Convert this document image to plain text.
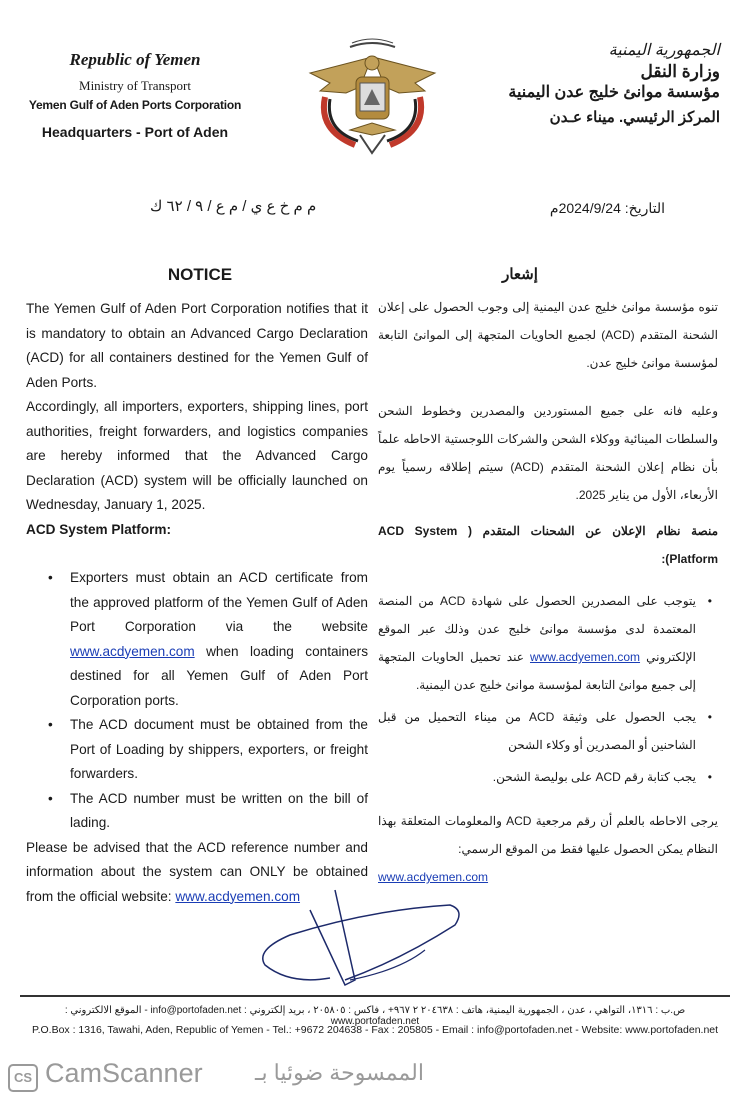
Republic of Yemen
Ministry of Transport
Yemen Gulf of Aden Ports Corporation
Headquarters - Port of Aden
الجمهورية اليمنية
وزارة النقل
مؤسسة موانئ خليج عدن اليمنية
المركز الرئيسي. ميناء عـدن
م م خ ع ي / م ع / ٩ / ٦٢ ك	التاريخ: 2024/9/24م
NOTICE	إشعار

The Yemen Gulf of Aden Port Corporation notifies that it is mandatory to obtain an Advanced Cargo Declaration (ACD) for all containers destined for the Yemen Gulf of Aden Ports.

Accordingly, all importers, exporters, shipping lines, port authorities, freight forwarders, and logistics companies are hereby informed that the Advanced Cargo Declaration (ACD) system will be officially launched on Wednesday, January 1, 2025.

ACD System Platform:

• Exporters must obtain an ACD certificate from the approved platform of the Yemen Gulf of Aden Port Corporation via the website www.acdyemen.com when loading containers destined for all Yemen Gulf of Aden Port Corporation ports.
• The ACD document must be obtained from the Port of Loading by shippers, exporters, or freight forwarders.
• The ACD number must be written on the bill of lading.

Please be advised that the ACD reference number and information about the system can ONLY be obtained from the official website: www.acdyemen.com

تنوه مؤسسة موانئ خليج عدن اليمنية إلى وجوب الحصول على إعلان الشحنة المتقدم (ACD) لجميع الحاويات المتجهة إلى الموانئ التابعة لمؤسسة موانئ خليج عدن.

وعليه فانه على جميع المستوردين والمصدرين وخطوط الشحن والسلطات المينائية ووكلاء الشحن والشركات اللوجستية الاحاطه علماً بأن نظام إعلان الشحنة المتقدم (ACD) سيتم إطلاقه رسمياً يوم الأربعاء، الأول من يناير 2025.

منصة نظام الإعلان عن الشحنات المتقدم ( ACD System Platform):

• يتوجب على المصدرين الحصول على شهادة ACD من المنصة المعتمدة لدى مؤسسة موانئ خليج عدن وذلك عبر الموقع الإلكتروني www.acdyemen.com عند تحميل الحاويات المتجهة إلى جميع موانئ التابعة لمؤسسة موانئ خليج عدن اليمنية.
• يجب الحصول على وثيقة ACD من ميناء التحميل من قبل الشاحنين أو المصدرين أو وكلاء الشحن
• يجب كتابة رقم ACD على بوليصة الشحن.

يرجى الاحاطه بالعلم أن رقم مرجعية ACD والمعلومات المتعلقة بهذا النظام يمكن الحصول عليها فقط من الموقع الرسمي:

www.acdyemen.com
ص.ب : ١٣١٦، التواهي ، عدن ، الجمهورية اليمنية، هاتف : ٢٠٤٦٣٨ ٢ ٩٦٧+ ، فاكس : ٢٠٥٨٠٥ ، بريد إلكتروني : info@portofaden.net - الموقع الالكتروني : www.portofaden.net
P.O.Box : 1316, Tawahi, Aden, Republic of Yemen - Tel.: +9672 204638 - Fax : 205805 - Email : info@portofaden.net - Website: www.portofaden.net
CS CamScanner الممسوحة ضوئيا بـ
